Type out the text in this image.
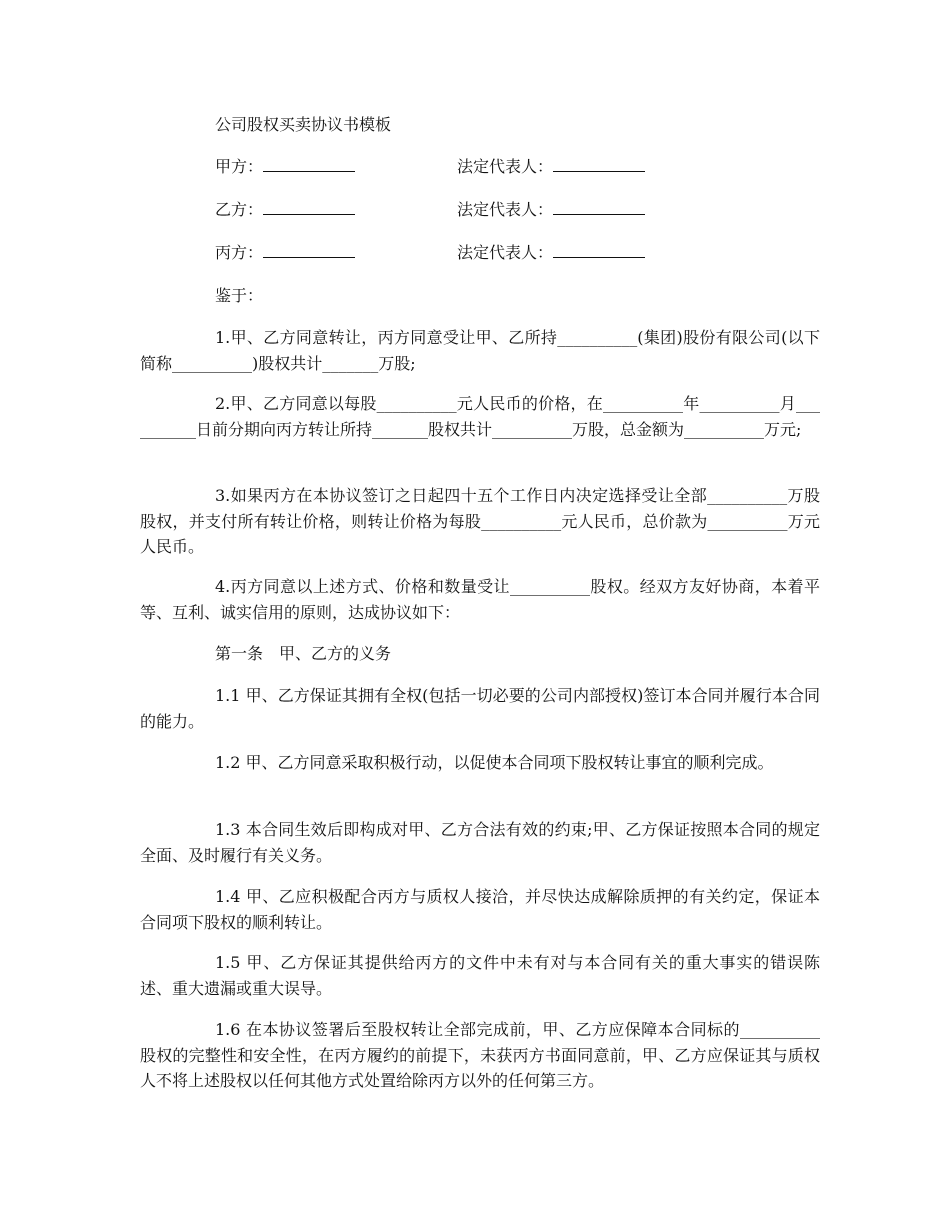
公司股权买卖协议书模板
甲方：	法定代表人：
乙方：	法定代表人：
丙方：	法定代表人：
鉴于：
1.甲、乙方同意转让，丙方同意受让甲、乙所持__________(集团)股份有限公司(以下简称__________)股权共计_______万股;
2.甲、乙方同意以每股__________元人民币的价格，在__________年__________月__________日前分期向丙方转让所持_______股权共计__________万股，总金额为__________万元;
3.如果丙方在本协议签订之日起四十五个工作日内决定选择受让全部__________万股股权，并支付所有转让价格，则转让价格为每股__________元人民币，总价款为__________万元人民币。
4.丙方同意以上述方式、价格和数量受让__________股权。经双方友好协商，本着平等、互利、诚实信用的原则，达成协议如下：
第一条　甲、乙方的义务
1.1 甲、乙方保证其拥有全权(包括一切必要的公司内部授权)签订本合同并履行本合同的能力。
1.2 甲、乙方同意采取积极行动，以促使本合同项下股权转让事宜的顺利完成。
1.3 本合同生效后即构成对甲、乙方合法有效的约束;甲、乙方保证按照本合同的规定全面、及时履行有关义务。
1.4 甲、乙应积极配合丙方与质权人接洽，并尽快达成解除质押的有关约定，保证本合同项下股权的顺利转让。
1.5 甲、乙方保证其提供给丙方的文件中未有对与本合同有关的重大事实的错误陈述、重大遗漏或重大误导。
1.6 在本协议签署后至股权转让全部完成前，甲、乙方应保障本合同标的__________股权的完整性和安全性，在丙方履约的前提下，未获丙方书面同意前，甲、乙方应保证其与质权人不将上述股权以任何其他方式处置给除丙方以外的任何第三方。
